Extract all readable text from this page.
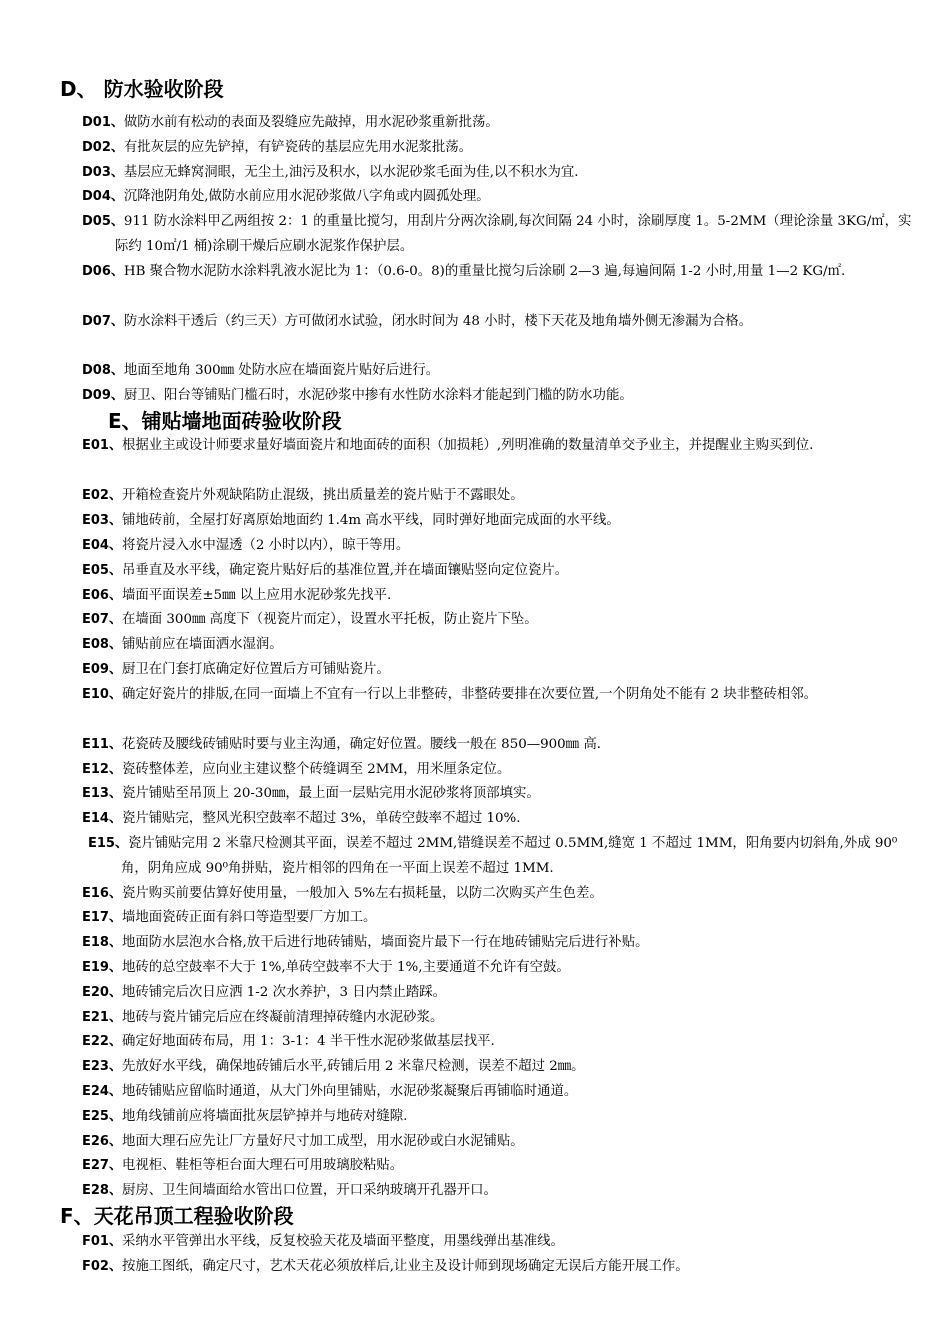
D、 防水验收阶段
D01、做防水前有松动的表面及裂缝应先敲掉，用水泥砂浆重新批荡。
D02、有批灰层的应先铲掉，有铲瓷砖的基层应先用水泥浆批荡。
D03、基层应无蜂窝洞眼，无尘土,油污及积水，以水泥砂浆毛面为佳,以不积水为宜.
D04、沉降池阴角处,做防水前应用水泥砂浆做八字角或内圆孤处理。
D05、911 防水涂料甲乙两组按 2：1 的重量比搅匀，用刮片分两次涂刷,每次间隔 24 小时，涂刷厚度 1。5-2MM（理论涂量 3KG/㎡，实际约 10㎡/1 桶)涂刷干燥后应刷水泥浆作保护层。
D06、HB 聚合物水泥防水涂料乳液水泥比为 1：（0.6-0。8)的重量比搅匀后涂刷 2—3 遍,每遍间隔 1-2 小时,用量 1—2 KG/㎡.
D07、防水涂料干透后（约三天）方可做闭水试验，闭水时间为 48 小时，楼下天花及地角墙外侧无渗漏为合格。
D08、地面至地角 300㎜ 处防水应在墙面瓷片贴好后进行。
D09、厨卫、阳台等铺贴门槛石时，水泥砂浆中掺有水性防水涂料才能起到门槛的防水功能。
E、铺贴墙地面砖验收阶段
E01、根据业主或设计师要求量好墙面瓷片和地面砖的面积（加损耗）,列明准确的数量清单交予业主，并提醒业主购买到位.
E02、开箱检查瓷片外观缺陷防止混级，挑出质量差的瓷片贴于不露眼处。
E03、铺地砖前，全屋打好离原始地面约 1.4m 高水平线，同时弹好地面完成面的水平线。
E04、将瓷片浸入水中湿透（2 小时以内），晾干等用。
E05、吊垂直及水平线，确定瓷片贴好后的基准位置,并在墙面镶贴竖向定位瓷片。
E06、墙面平面误差±5㎜ 以上应用水泥砂浆先找平.
E07、在墙面 300㎜ 高度下（视瓷片而定），设置水平托板，防止瓷片下坠。
E08、铺贴前应在墙面洒水湿润。
E09、厨卫在门套打底确定好位置后方可铺贴瓷片。
E10、确定好瓷片的排版,在同一面墙上不宜有一行以上非整砖，非整砖要排在次要位置,一个阴角处不能有 2 块非整砖相邻。
E11、花瓷砖及腰线砖铺贴时要与业主沟通，确定好位置。腰线一般在 850—900㎜ 高.
E12、瓷砖整体差，应向业主建议整个砖缝调至 2MM，用米厘条定位。
E13、瓷片铺贴至吊顶上 20-30㎜，最上面一层贴完用水泥砂浆将顶部填实。
E14、瓷片铺贴完，整风光积空鼓率不超过 3%，单砖空鼓率不超过 10%.
E15、瓷片铺贴完用 2 米靠尺检测其平面，误差不超过 2MM,错缝误差不超过 0.5MM,缝宽 1 不超过 1MM，阳角要内切斜角,外成 90⁰角，阴角应成 90⁰角拼贴，瓷片相邻的四角在一平面上误差不超过 1MM.
E16、瓷片购买前要估算好使用量，一般加入 5%左右损耗量，以防二次购买产生色差。
E17、墙地面瓷砖正面有斜口等造型要厂方加工。
E18、地面防水层泡水合格,放干后进行地砖铺贴，墙面瓷片最下一行在地砖铺贴完后进行补贴。
E19、地砖的总空鼓率不大于 1%,单砖空鼓率不大于 1%,主要通道不允许有空鼓。
E20、地砖铺完后次日应洒 1-2 次水养护，3 日内禁止踏踩。
E21、地砖与瓷片铺完后应在终凝前清理掉砖缝内水泥砂浆。
E22、确定好地面砖布局，用 1：3-1：4 半干性水泥砂浆做基层找平.
E23、先放好水平线，确保地砖铺后水平,砖铺后用 2 米靠尺检测，误差不超过 2㎜。
E24、地砖铺贴应留临时通道，从大门外向里铺贴，水泥砂浆凝聚后再铺临时通道。
E25、地角线铺前应将墙面批灰层铲掉并与地砖对缝隙.
E26、地面大理石应先让厂方量好尺寸加工成型，用水泥砂或白水泥铺贴。
E27、电视柜、鞋柜等柜台面大理石可用玻璃胶粘贴。
E28、厨房、卫生间墙面给水管出口位置，开口采纳玻璃开孔器开口。
F、天花吊顶工程验收阶段
F01、采纳水平管弹出水平线，反复校验天花及墙面平整度，用墨线弹出基准线。
F02、按施工图纸，确定尺寸，艺术天花必须放样后,让业主及设计师到现场确定无误后方能开展工作。
